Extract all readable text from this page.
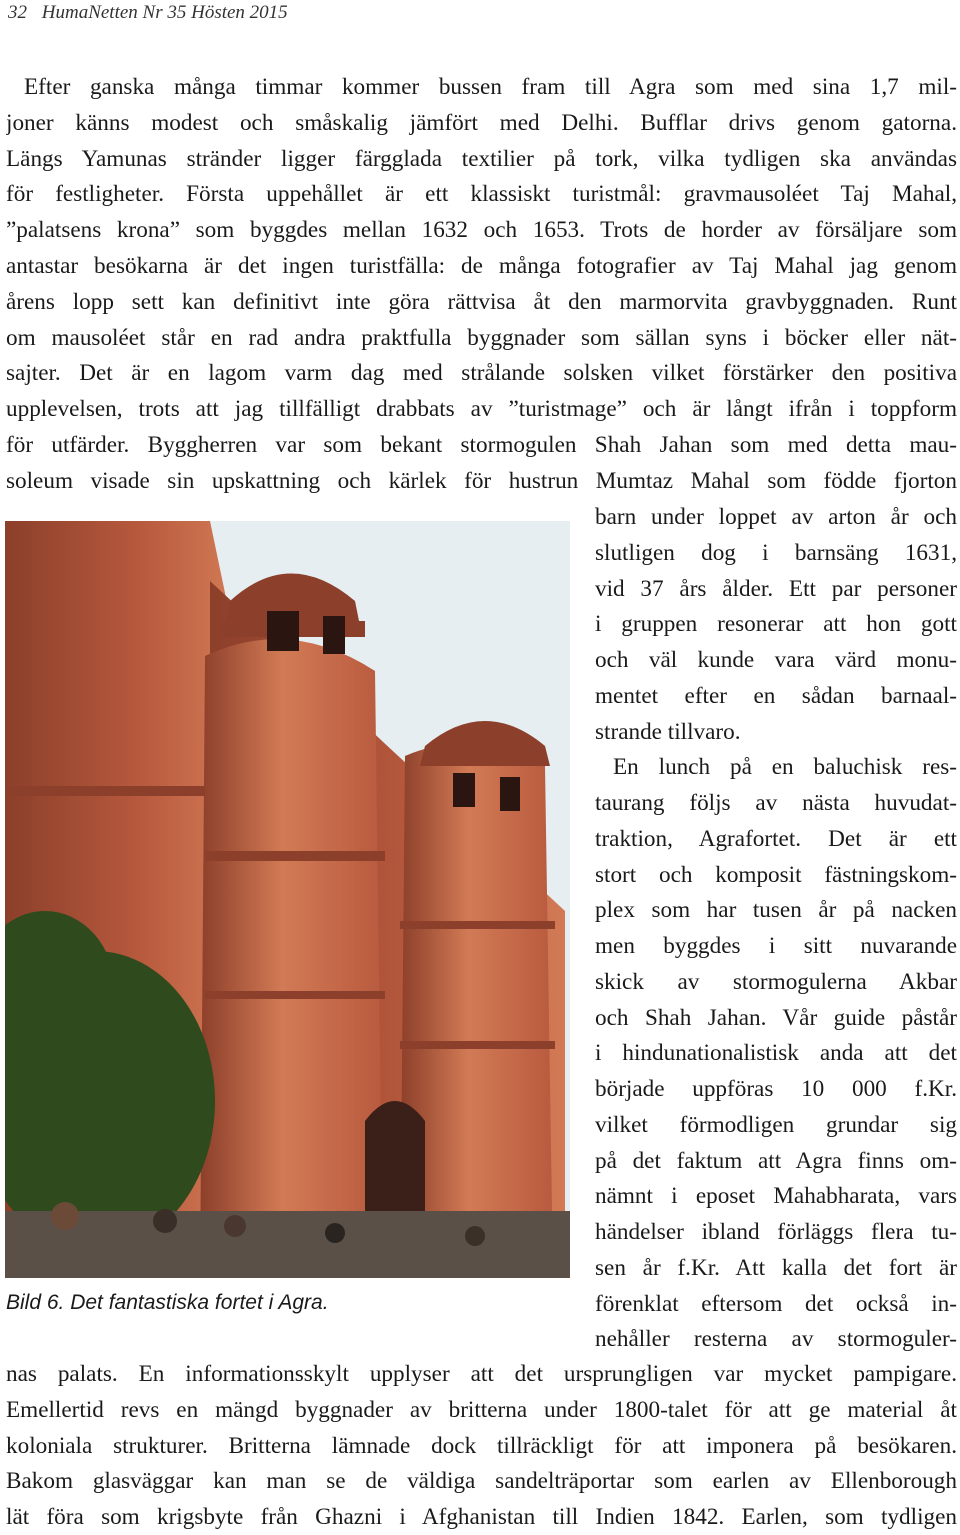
32 HumaNetten Nr 35 Hösten 2015
Efter ganska många timmar kommer bussen fram till Agra som med sina 1,7 mil-
joner känns modest och småskalig jämfört med Delhi. Bufflar drivs genom gatorna.
Längs Yamunas stränder ligger färgglada textilier på tork, vilka tydligen ska användas
för festligheter. Första uppehållet är ett klassiskt turistmål: gravmausoléet Taj Mahal,
”palatsens krona” som byggdes mellan 1632 och 1653. Trots de horder av försäljare som
antastar besökarna är det ingen turistfälla: de många fotografier av Taj Mahal jag genom
årens lopp sett kan definitivt inte göra rättvisa åt den marmorvita gravbyggnaden. Runt
om mausoléet står en rad andra praktfulla byggnader som sällan syns i böcker eller nät-
sajter. Det är en lagom varm dag med strålande solsken vilket förstärker den positiva
upplevelsen, trots att jag tillfälligt drabbats av ”turistmage” och är långt ifrån i toppform
för utfärder. Byggherren var som bekant stormogulen Shah Jahan som med detta mau-
soleum visade sin upskattning och kärlek för hustrun Mumtaz Mahal som födde fjorton
barn under loppet av arton år och
slutligen dog i barnsäng 1631,
vid 37 års ålder. Ett par personer
i gruppen resonerar att hon gott
och väl kunde vara värd monu-
mentet efter en sådan barnaal-
strande tillvaro.
En lunch på en baluchisk res-
taurang följs av nästa huvudat-
traktion, Agrafortet. Det är ett
stort och komposit fästningskom-
plex som har tusen år på nacken
men byggdes i sitt nuvarande
skick av stormogulerna Akbar
och Shah Jahan. Vår guide påstår
i hindunationalistisk anda att det
började uppföras 10 000 f.Kr.
vilket förmodligen grundar sig
på det faktum att Agra finns om-
nämnt i eposet Mahabharata, vars
händelser ibland förläggs flera tu-
sen år f.Kr. Att kalla det fort är
förenklat eftersom det också in-
nehåller resterna av stormoguler-
nas palats. En informationsskylt upplyser att det ursprungligen var mycket pampigare.
Emellertid revs en mängd byggnader av britterna under 1800-talet för att ge material åt
koloniala strukturer. Britterna lämnade dock tillräckligt för att imponera på besökaren.
Bakom glasväggar kan man se de väldiga sandelträportar som earlen av Ellenborough
lät föra som krigsbyte från Ghazni i Afghanistan till Indien 1842. Earlen, som tydligen
Bild 6. Det fantastiska fortet i Agra.
